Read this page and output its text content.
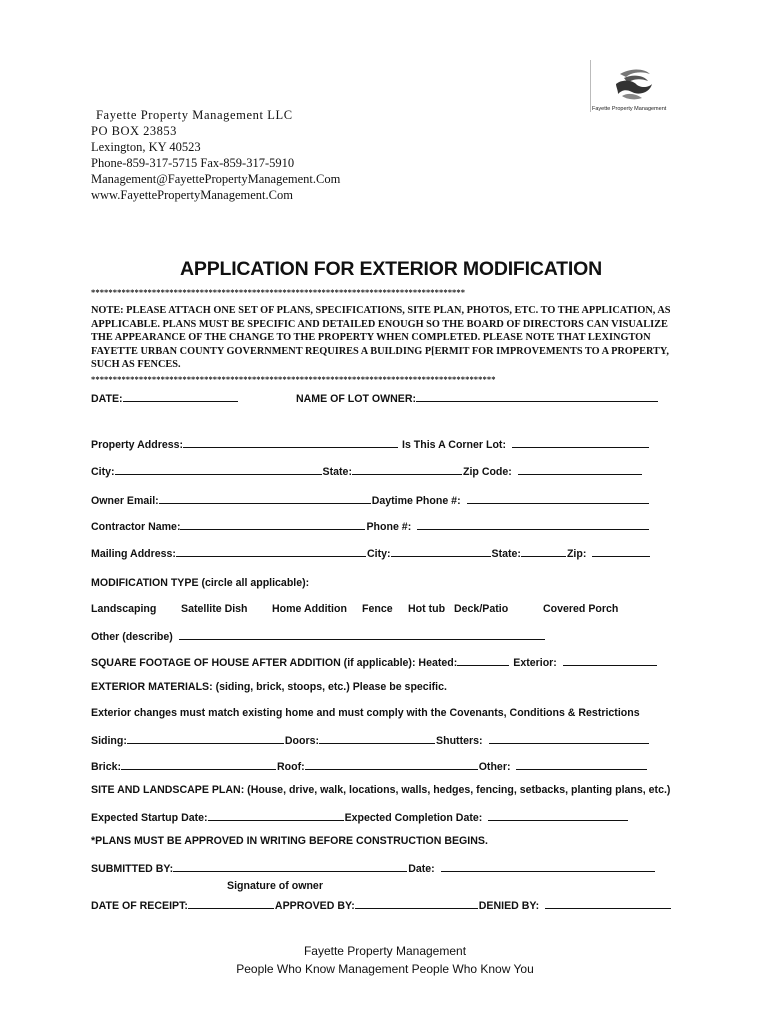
Fayette Property Management LLC
PO BOX 23853
Lexington, KY 40523
Phone-859-317-5715 Fax-859-317-5910
Management@FayettePropertyManagement.Com
www.FayettePropertyManagement.Com
Fayette Property Management
APPLICATION FOR EXTERIOR MODIFICATION
**************************************************************************************
NOTE: PLEASE ATTACH ONE SET OF PLANS, SPECIFICATIONS, SITE PLAN, PHOTOS, ETC. TO THE APPLICATION, AS APPLICABLE. PLANS MUST BE SPECIFIC AND DETAILED ENOUGH SO THE BOARD OF DIRECTORS CAN VISUALIZE THE APPEARANCE OF THE CHANGE TO THE PROPERTY WHEN COMPLETED. PLEASE NOTE THAT LEXINGTON FAYETTE URBAN COUNTY GOVERNMENT REQUIRES A BUILDING P[ERMIT FOR IMPROVEMENTS TO A PROPERTY, SUCH AS FENCES.
*********************************************************************************************
DATE:	NAME OF LOT OWNER:
Property Address:	Is This A Corner Lot:
City:	State:	Zip Code:
Owner Email:	Daytime Phone #:
Contractor Name:	Phone #:
Mailing Address:	City:	State:	Zip:
MODIFICATION TYPE (circle all applicable):
Landscaping Satellite Dish Home Addition Fence Hot tub Deck/Patio	Covered Porch
Other (describe)
SQUARE FOOTAGE OF HOUSE AFTER ADDITION (if applicable): Heated:	Exterior:
EXTERIOR MATERIALS: (siding, brick, stoops, etc.) Please be specific.
Exterior changes must match existing home and must comply with the Covenants, Conditions & Restrictions
Siding:	Doors:	Shutters:
Brick:	Roof:	Other:
SITE AND LANDSCAPE PLAN: (House, drive, walk, locations, walls, hedges, fencing, setbacks, planting plans, etc.)
Expected Startup Date:	Expected Completion Date:
*PLANS MUST BE APPROVED IN WRITING BEFORE CONSTRUCTION BEGINS.
SUBMITTED BY:	Date:
Signature of owner
DATE OF RECEIPT:	APPROVED BY:	DENIED BY:
Fayette Property Management
People Who Know Management People Who Know You
